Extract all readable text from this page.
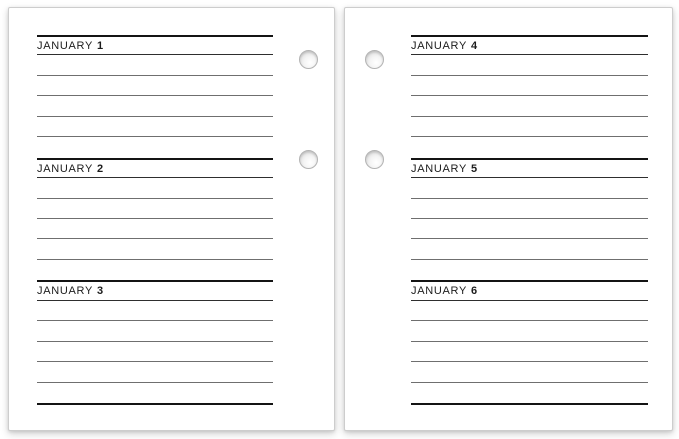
JANUARY 1
JANUARY 2
JANUARY 3
JANUARY 4
JANUARY 5
JANUARY 6
